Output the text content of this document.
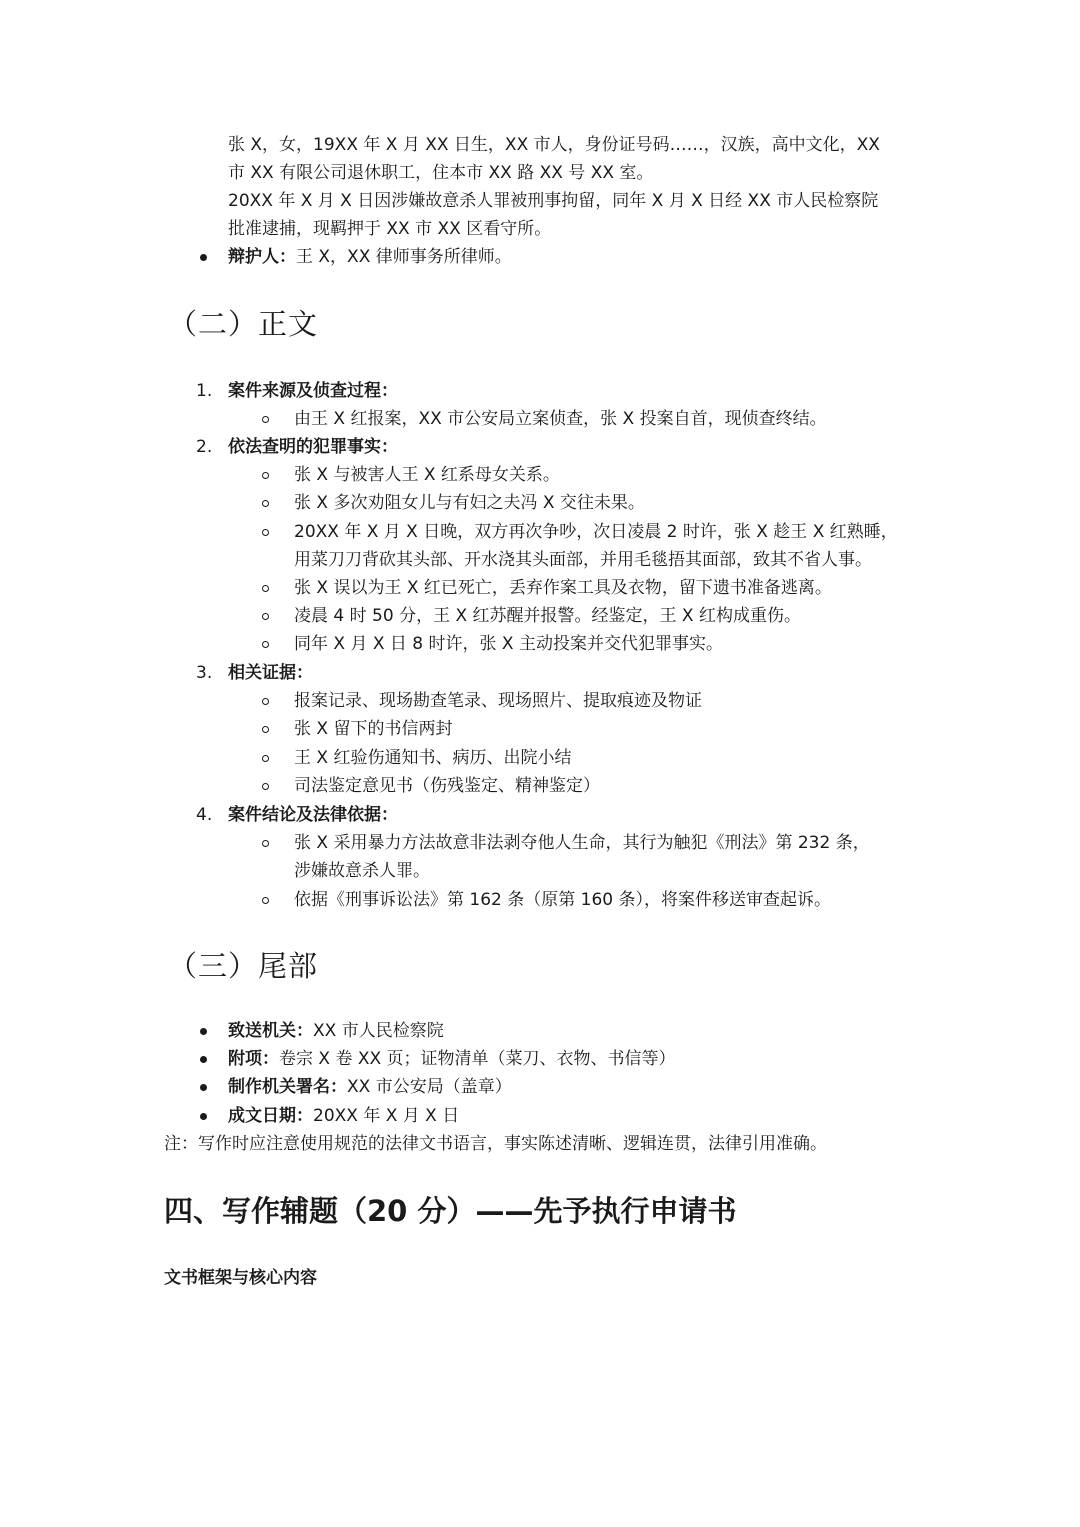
张 X，女，19XX 年 X 月 XX 日生，XX 市人，身份证号码……，汉族，高中文化，XX
市 XX 有限公司退休职工，住本市 XX 路 XX 号 XX 室。
20XX 年 X 月 X 日因涉嫌故意杀人罪被刑事拘留，同年 X 月 X 日经 XX 市人民检察院
批准逮捕，现羁押于 XX 市 XX 区看守所。
辩护人：王 X，XX 律师事务所律师。
（二）正文
1. 案件来源及侦查过程：
由王 X 红报案，XX 市公安局立案侦查，张 X 投案自首，现侦查终结。
2. 依法查明的犯罪事实：
张 X 与被害人王 X 红系母女关系。
张 X 多次劝阻女儿与有妇之夫冯 X 交往未果。
20XX 年 X 月 X 日晚，双方再次争吵，次日凌晨 2 时许，张 X 趁王 X 红熟睡，
用菜刀刀背砍其头部、开水浇其头面部，并用毛毯捂其面部，致其不省人事。
张 X 误以为王 X 红已死亡，丢弃作案工具及衣物，留下遗书准备逃离。
凌晨 4 时 50 分，王 X 红苏醒并报警。经鉴定，王 X 红构成重伤。
同年 X 月 X 日 8 时许，张 X 主动投案并交代犯罪事实。
3. 相关证据：
报案记录、现场勘查笔录、现场照片、提取痕迹及物证
张 X 留下的书信两封
王 X 红验伤通知书、病历、出院小结
司法鉴定意见书（伤残鉴定、精神鉴定）
4. 案件结论及法律依据：
张 X 采用暴力方法故意非法剥夺他人生命，其行为触犯《刑法》第 232 条，
涉嫌故意杀人罪。
依据《刑事诉讼法》第 162 条（原第 160 条），将案件移送审查起诉。
（三）尾部
致送机关：XX 市人民检察院
附项：卷宗 X 卷 XX 页；证物清单（菜刀、衣物、书信等）
制作机关署名：XX 市公安局（盖章）
成文日期：20XX 年 X 月 X 日
注：写作时应注意使用规范的法律文书语言，事实陈述清晰、逻辑连贯，法律引用准确。
四、写作辅题（20 分）——先予执行申请书
文书框架与核心内容
